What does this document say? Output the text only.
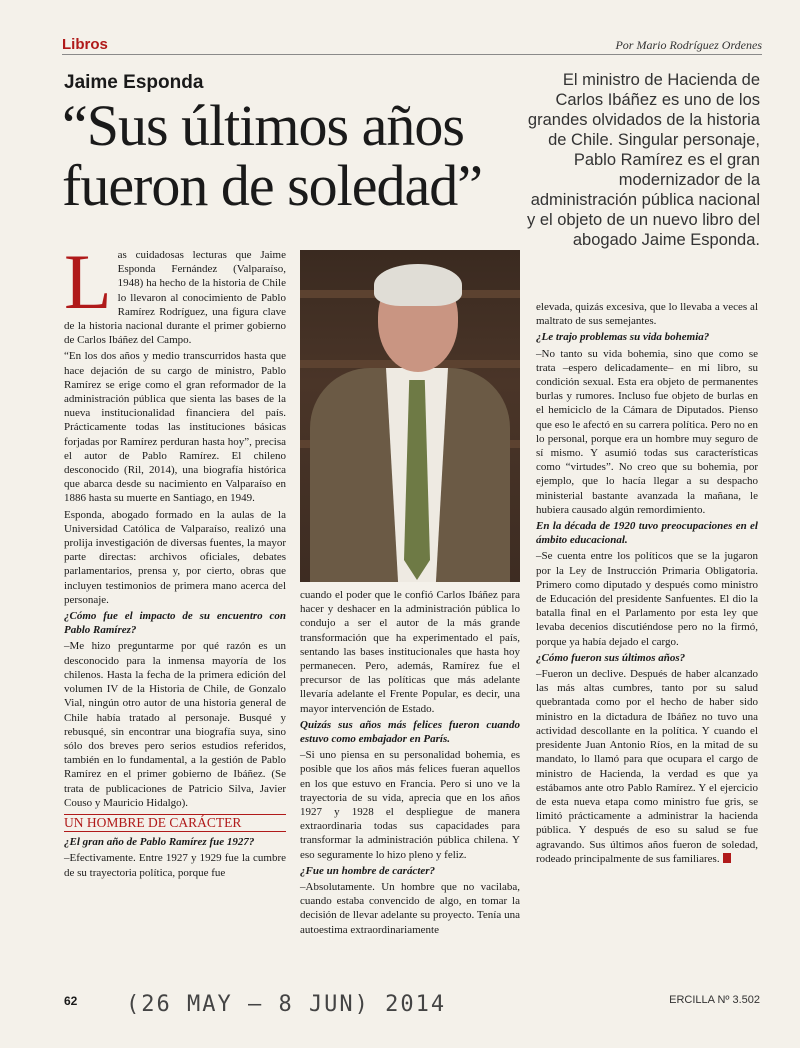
Libros	Por Mario Rodríguez Ordenes
Jaime Esponda
“Sus últimos años fueron de soledad”
El ministro de Hacienda de Carlos Ibáñez es uno de los grandes olvidados de la historia de Chile. Singular personaje, Pablo Ramírez es el gran modernizador de la administración pública nacional y el objeto de un nuevo libro del abogado Jaime Esponda.

Las cuidadosas lecturas que Jaime Esponda Fernández (Valparaíso, 1948) ha hecho de la historia de Chile lo llevaron al conocimiento de Pablo Ramírez Rodríguez, una figura clave de la historia nacional durante el primer gobierno de Carlos Ibáñez del Campo.

“En los dos años y medio transcurridos hasta que hace dejación de su cargo de ministro, Pablo Ramírez se erige como el gran reformador de la administración pública que sienta las bases de la nueva institucionalidad financiera del país. Prácticamente todas las instituciones básicas forjadas por Ramírez perduran hasta hoy”, precisa el autor de Pablo Ramírez. El chileno desconocido (Ril, 2014), una biografía histórica que abarca desde su nacimiento en Valparaíso en 1886 hasta su muerte en Santiago, en 1949.

Esponda, abogado formado en la aulas de la Universidad Católica de Valparaíso, realizó una prolija investigación de diversas fuentes, la mayor parte directas: archivos oficiales, debates parlamentarios, prensa y, por cierto, obras que incluyen testimonios de primera mano acerca del personaje.

¿Cómo fue el impacto de su encuentro con Pablo Ramírez?

–Me hizo preguntarme por qué razón es un desconocido para la inmensa mayoría de los chilenos. Hasta la fecha de la primera edición del volumen IV de la Historia de Chile, de Gonzalo Vial, ningún otro autor de una historia general de Chile había tratado al personaje. Busqué y rebusqué, sin encontrar una biografía suya, sino sólo dos breves pero serios estudios referidos, también en lo fundamental, a la gestión de Pablo Ramírez en el primer gobierno de Ibáñez. (Se trata de publicaciones de Patricio Silva, Javier Couso y Mauricio Hidalgo).

UN HOMBRE DE CARÁCTER

¿El gran año de Pablo Ramírez fue 1927?

–Efectivamente. Entre 1927 y 1929 fue la cumbre de su trayectoria política, porque fue

cuando el poder que le confió Carlos Ibáñez para hacer y deshacer en la administración pública lo condujo a ser el autor de la más grande transformación que ha experimentado el país, sentando las bases institucionales que hasta hoy permanecen. Pero, además, Ramírez fue el precursor de las políticas que más adelante llevaría adelante el Frente Popular, es decir, una mayor intervención de Estado.

Quizás sus años más felices fueron cuando estuvo como embajador en París.

–Si uno piensa en su personalidad bohemia, es posible que los años más felices fueran aquellos en los que estuvo en Francia. Pero si uno ve la trayectoria de su vida, aprecia que en los años 1927 y 1928 el despliegue de manera extraordinaria todas sus capacidades para transformar la administración pública chilena. Y eso seguramente lo hizo pleno y feliz.

¿Fue un hombre de carácter?

–Absolutamente. Un hombre que no vacilaba, cuando estaba convencido de algo, en tomar la decisión de llevar adelante su proyecto. Tenía una autoestima extraordinariamente

elevada, quizás excesiva, que lo llevaba a veces al maltrato de sus semejantes.

¿Le trajo problemas su vida bohemia?

–No tanto su vida bohemia, sino que como se trata –espero delicadamente– en mi libro, su condición sexual. Esta era objeto de permanentes burlas y rumores. Incluso fue objeto de burlas en el hemiciclo de la Cámara de Diputados. Pienso que eso le afectó en su carrera política. Pero no en lo personal, porque era un hombre muy seguro de sí mismo. Y asumió todas sus características como “virtudes”. No creo que su bohemia, por ejemplo, que lo hacía llegar a su despacho ministerial bastante avanzada la mañana, le hubiera causado algún remordimiento.

En la década de 1920 tuvo preocupaciones en el ámbito educacional.

–Se cuenta entre los políticos que se la jugaron por la Ley de Instrucción Primaria Obligatoria. Primero como diputado y después como ministro de Educación del presidente Sanfuentes. El dio la batalla final en el Parlamento por esta ley que levaba decenios discutiéndose pero no la firmó, porque ya había dejado el cargo.

¿Cómo fueron sus últimos años?

–Fueron un declive. Después de haber alcanzado las más altas cumbres, tanto por su salud quebrantada como por el hecho de haber sido ministro en la dictadura de Ibáñez no tuvo una actividad descollante en la política. Y cuando el presidente Juan Antonio Ríos, en la mitad de su mandato, lo llamó para que ocupara el cargo de ministro de Hacienda, la verdad es que ya estábamos ante otro Pablo Ramírez. Y el ejercicio de esta nueva etapa como ministro fue gris, se limitó prácticamente a administrar la hacienda pública. Y después de eso su salud se fue agravando. Sus últimos años fueron de soledad, rodeado principalmente de sus familiares.

62 (26 MAY – 8 JUN) 2014	ERCILLA Nº 3.502
